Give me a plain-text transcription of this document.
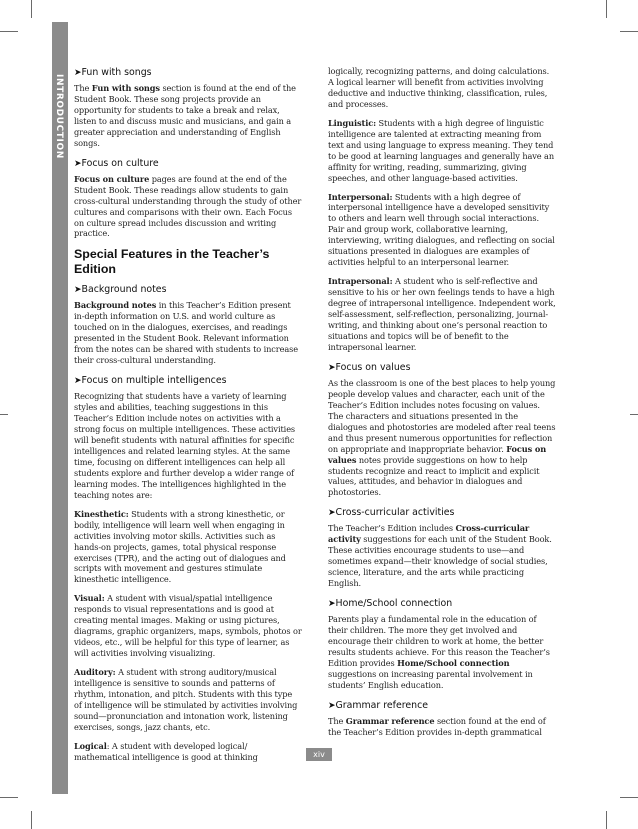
INTRODUCTION
➤Fun with songs

The Fun with songs section is found at the end of the Student Book. These song projects provide an opportunity for students to take a break and relax, listen to and discuss music and musicians, and gain a greater appreciation and understanding of English songs.

➤Focus on culture

Focus on culture pages are found at the end of the Student Book. These readings allow students to gain cross-cultural understanding through the study of other cultures and comparisons with their own. Each Focus on culture spread includes discussion and writing practice.

Special Features in the Teacher’s Edition
➤Background notes

Background notes in this Teacher’s Edition present in-depth information on U.S. and world culture as touched on in the dialogues, exercises, and readings presented in the Student Book. Relevant information from the notes can be shared with students to increase their cross-cultural understanding.

➤Focus on multiple intelligences

Recognizing that students have a variety of learning styles and abilities, teaching suggestions in this Teacher’s Edition include notes on activities with a strong focus on multiple intelligences. These activities will benefit students with natural affinities for specific intelligences and related learning styles. At the same time, focusing on different intelligences can help all students explore and further develop a wider range of learning modes. The intelligences highlighted in the teaching notes are:

Kinesthetic: Students with a strong kinesthetic, or bodily, intelligence will learn well when engaging in activities involving motor skills. Activities such as hands-on projects, games, total physical response exercises (TPR), and the acting out of dialogues and scripts with movement and gestures stimulate kinesthetic intelligence.

Visual: A student with visual/spatial intelligence responds to visual representations and is good at creating mental images. Making or using pictures, diagrams, graphic organizers, maps, symbols, photos or videos, etc., will be helpful for this type of learner, as will activities involving visualizing.

Auditory: A student with strong auditory/musical intelligence is sensitive to sounds and patterns of rhythm, intonation, and pitch. Students with this type of intelligence will be stimulated by activities involving sound—pronunciation and intonation work, listening exercises, songs, jazz chants, etc.

Logical: A student with developed logical/ mathematical intelligence is good at thinking

logically, recognizing patterns, and doing calculations. A logical learner will benefit from activities involving deductive and inductive thinking, classification, rules, and processes.

Linguistic: Students with a high degree of linguistic intelligence are talented at extracting meaning from text and using language to express meaning. They tend to be good at learning languages and generally have an affinity for writing, reading, summarizing, giving speeches, and other language-based activities.

Interpersonal: Students with a high degree of interpersonal intelligence have a developed sensitivity to others and learn well through social interactions. Pair and group work, collaborative learning, interviewing, writing dialogues, and reflecting on social situations presented in dialogues are examples of activities helpful to an interpersonal learner.

Intrapersonal: A student who is self-reflective and sensitive to his or her own feelings tends to have a high degree of intrapersonal intelligence. Independent work, self-assessment, self-reflection, personalizing, journal-writing, and thinking about one’s personal reaction to situations and topics will be of benefit to the intrapersonal learner.

➤Focus on values

As the classroom is one of the best places to help young people develop values and character, each unit of the Teacher’s Edition includes notes focusing on values. The characters and situations presented in the dialogues and photostories are modeled after real teens and thus present numerous opportunities for reflection on appropriate and inappropriate behavior. Focus on values notes provide suggestions on how to help students recognize and react to implicit and explicit values, attitudes, and behavior in dialogues and photostories.

➤Cross-curricular activities

The Teacher’s Edition includes Cross-curricular activity suggestions for each unit of the Student Book. These activities encourage students to use—and sometimes expand—their knowledge of social studies, science, literature, and the arts while practicing English.

➤Home/School connection

Parents play a fundamental role in the education of their children. The more they get involved and encourage their children to work at home, the better results students achieve. For this reason the Teacher’s Edition provides Home/School connection suggestions on increasing parental involvement in students’ English education.

➤Grammar reference

The Grammar reference section found at the end of the Teacher’s Edition provides in-depth grammatical

xiv
